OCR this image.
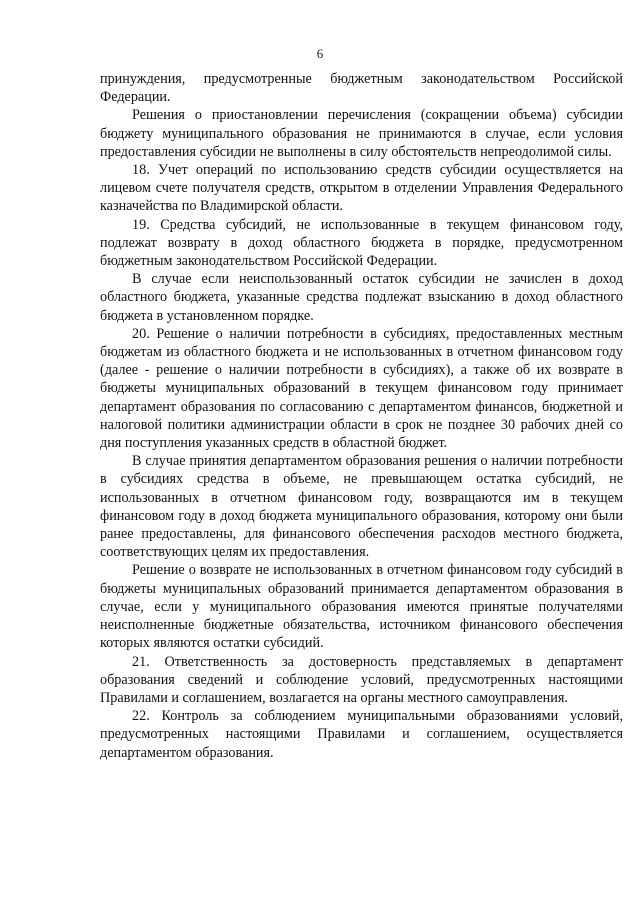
6

принуждения, предусмотренные бюджетным законодательством Российской Федерации.

Решения о приостановлении перечисления (сокращении объема) субсидии бюджету муниципального образования не принимаются в случае, если условия предоставления субсидии не выполнены в силу обстоятельств непреодолимой силы.

18. Учет операций по использованию средств субсидии осуществляется на лицевом счете получателя средств, открытом в отделении Управления Федерального казначейства по Владимирской области.

19. Средства субсидий, не использованные в текущем финансовом году, подлежат возврату в доход областного бюджета в порядке, предусмотренном бюджетным законодательством Российской Федерации.

В случае если неиспользованный остаток субсидии не зачислен в доход областного бюджета, указанные средства подлежат взысканию в доход областного бюджета в установленном порядке.

20. Решение о наличии потребности в субсидиях, предоставленных местным бюджетам из областного бюджета и не использованных в отчетном финансовом году (далее - решение о наличии потребности в субсидиях), а также об их возврате в бюджеты муниципальных образований в текущем финансовом году принимает департамент образования по согласованию с департаментом финансов, бюджетной и налоговой политики администрации области в срок не позднее 30 рабочих дней со дня поступления указанных средств в областной бюджет.

В случае принятия департаментом образования решения о наличии потребности в субсидиях средства в объеме, не превышающем остатка субсидий, не использованных в отчетном финансовом году, возвращаются им в текущем финансовом году в доход бюджета муниципального образования, которому они были ранее предоставлены, для финансового обеспечения расходов местного бюджета, соответствующих целям их предоставления.

Решение о возврате не использованных в отчетном финансовом году субсидий в бюджеты муниципальных образований принимается департаментом образования в случае, если у муниципального образования имеются принятые получателями неисполненные бюджетные обязательства, источником финансового обеспечения которых являются остатки субсидий.

21. Ответственность за достоверность представляемых в департамент образования сведений и соблюдение условий, предусмотренных настоящими Правилами и соглашением, возлагается на органы местного самоуправления.

22. Контроль за соблюдением муниципальными образованиями условий, предусмотренных настоящими Правилами и соглашением, осуществляется департаментом образования.
